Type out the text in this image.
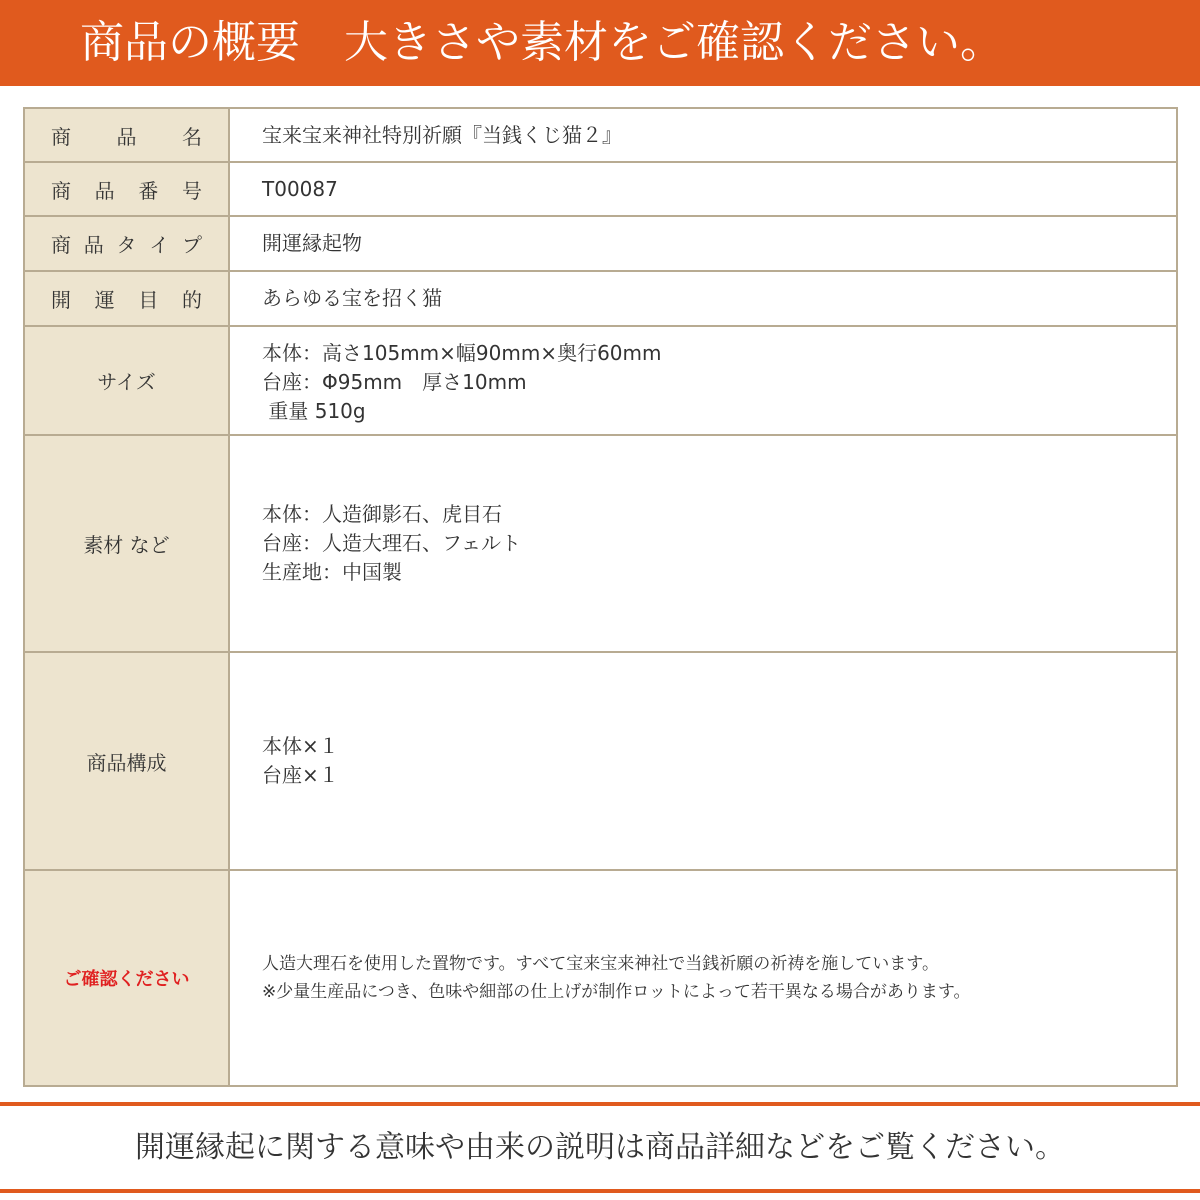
商品の概要　大きさや素材をご確認ください。
商 品 名	宝来宝来神社特別祈願『当銭くじ猫２』

商 品 番 号	T00087

商 品 タ イ プ	開運縁起物

開 運 目 的	あらゆる宝を招く猫

サイズ	本体：高さ105mm×幅90mm×奥行60mm
台座：Φ95mm　厚さ10mm
重量 510g

素材 など	本体：人造御影石、虎目石
台座：人造大理石、フェルト
生産地：中国製

商品構成	本体×１
台座×１

ご確認ください	人造大理石を使用した置物です。すべて宝来宝来神社で当銭祈願の祈祷を施しています。
※少量生産品につき、色味や細部の仕上げが制作ロットによって若干異なる場合があります。
開運縁起に関する意味や由来の説明は商品詳細などをご覧ください。
